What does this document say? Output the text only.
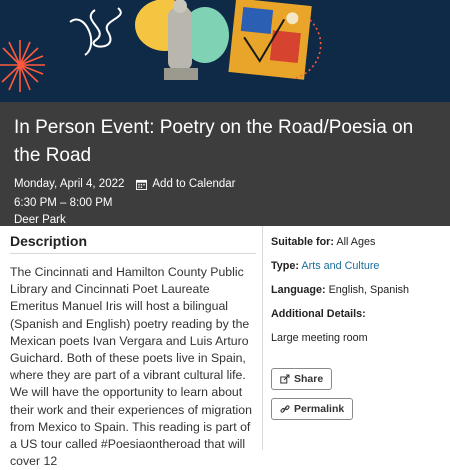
In Person Event: Poetry on the Road/Poesia on the Road
Monday, April 4, 2022 Add to Calendar
6:30 PM – 8:00 PM
Deer Park
Description

The Cincinnati and Hamilton County Public Library and Cincinnati Poet Laureate Emeritus Manuel Iris will host a bilingual (Spanish and English) poetry reading by the Mexican poets Ivan Vergara and Luis Arturo Guichard. Both of these poets live in Spain, where they are part of a vibrant cultural life. We will have the opportunity to learn about their work and their experiences of migration from Mexico to Spain. This reading is part of a US tour called #Poesiaontheroad that will cover 12

Suitable for: All Ages
Type: Arts and Culture
Language: English, Spanish
Additional Details:
Large meeting room
Share
Permalink
